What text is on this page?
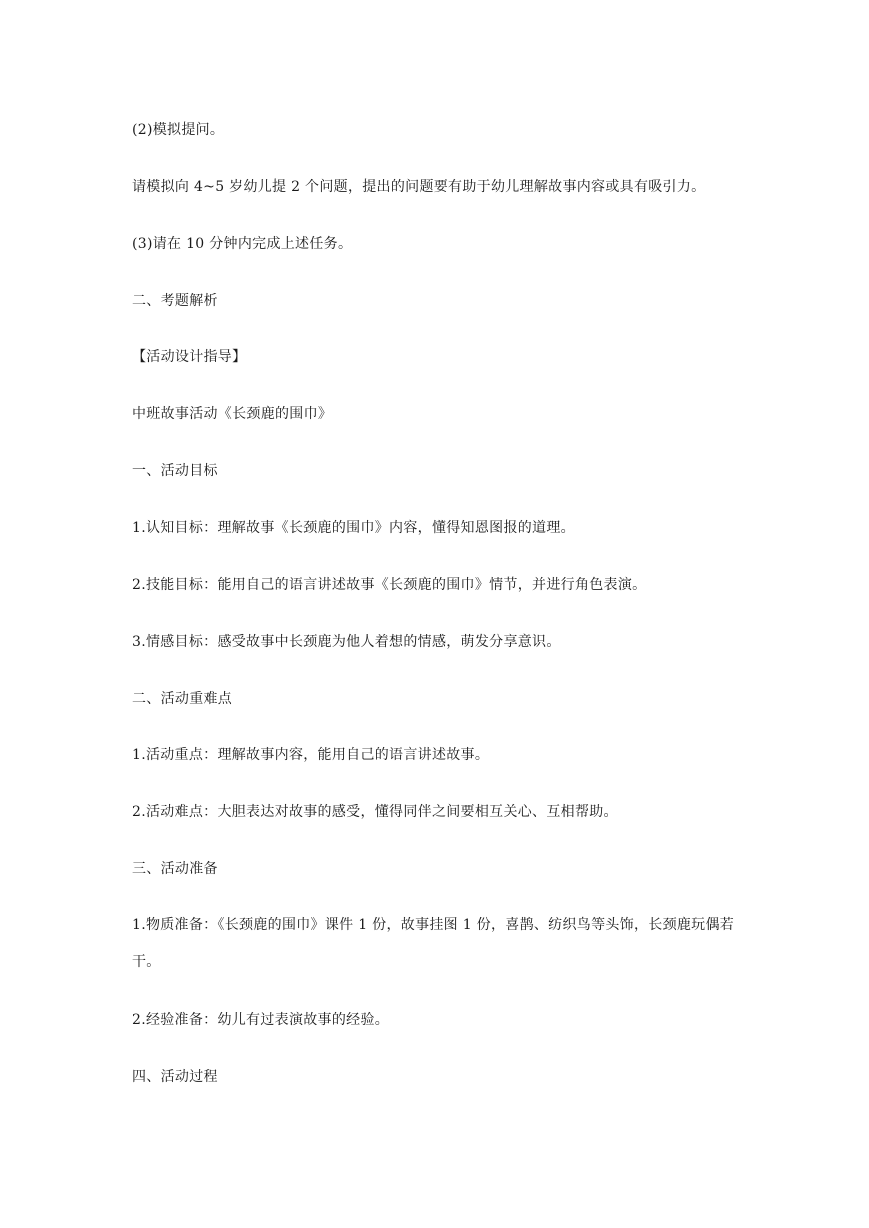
(2)模拟提问。
请模拟向 4~5 岁幼儿提 2 个问题，提出的问题要有助于幼儿理解故事内容或具有吸引力。
(3)请在 10 分钟内完成上述任务。
二、考题解析
【活动设计指导】
中班故事活动《长颈鹿的围巾》
一、活动目标
1.认知目标：理解故事《长颈鹿的围巾》内容，懂得知恩图报的道理。
2.技能目标：能用自己的语言讲述故事《长颈鹿的围巾》情节，并进行角色表演。
3.情感目标：感受故事中长颈鹿为他人着想的情感，萌发分享意识。
二、活动重难点
1.活动重点：理解故事内容，能用自己的语言讲述故事。
2.活动难点：大胆表达对故事的感受，懂得同伴之间要相互关心、互相帮助。
三、活动准备
1.物质准备：《长颈鹿的围巾》课件 1 份，故事挂图 1 份，喜鹊、纺织鸟等头饰，长颈鹿玩偶若干。
2.经验准备：幼儿有过表演故事的经验。
四、活动过程
